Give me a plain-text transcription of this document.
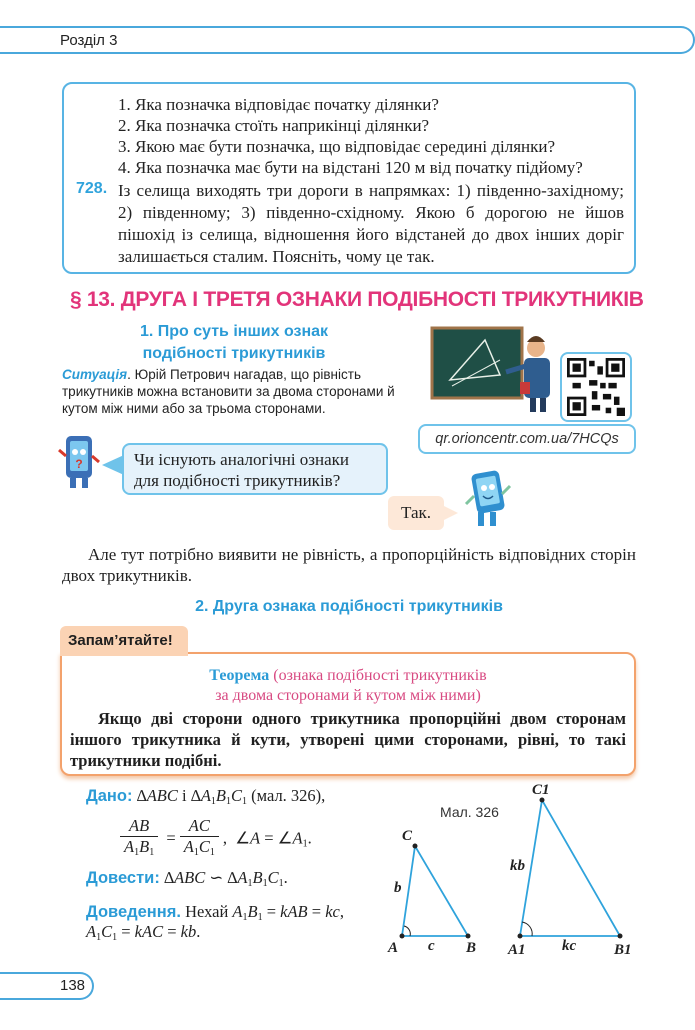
Розділ 3
1. Яка позначка відповідає початку ділянки?
2. Яка позначка стоїть наприкінці ділянки?
3. Якою має бути позначка, що відповідає середині ділянки?
4. Яка позначка має бути на відстані 120 м від початку підйому?
728. Із селища виходять три дороги в напрямках: 1) південно-західному; 2) південному; 3) південно-східному. Якою б дорогою не йшов пішохід із селища, відношення його відстаней до двох інших доріг залишається сталим. Поясніть, чому це так.
§ 13. ДРУГА І ТРЕТЯ ОЗНАКИ ПОДІБНОСТІ ТРИКУТНИКІВ
1. Про суть інших ознак подібності трикутників
Ситуація. Юрій Петрович нагадав, що рівність трикутників можна встановити за двома сторонами й кутом між ними або за трьома сторонами.
qr.orioncentr.com.ua/7HCQs
?	Чи існують аналогічні ознаки для подібності трикутників?
Так.
Але тут потрібно виявити не рівність, а пропорційність відповідних сторін двох трикутників.
2. Друга ознака подібності трикутників
Запам’ятайте!
Теорема (ознака подібності трикутників
за двома сторонами й кутом між ними)
Якщо дві сторони одного трикутника пропорційні двом сторонам іншого трикутника й кути, утворені цими сторонами, рівні, то такі трикутники подібні.
Дано: ∆ABC і $\Delta A_1B_1C_1$ (мал. 326),
$\frac{AB}{A_1B_1} = \frac{AC}{A_1C_1}$ ,  ∠A = $\angle A_1$.
Довести: ∆ABC ∽ $\Delta A_1B_1C_1$.
Доведення. Нехай $A_1B_1$ = kAB = kc,
$A_1C_1$ = kAC = kb.
Мал. 326
C
b
A c B
C1
kb
A1 kc	B1
138
